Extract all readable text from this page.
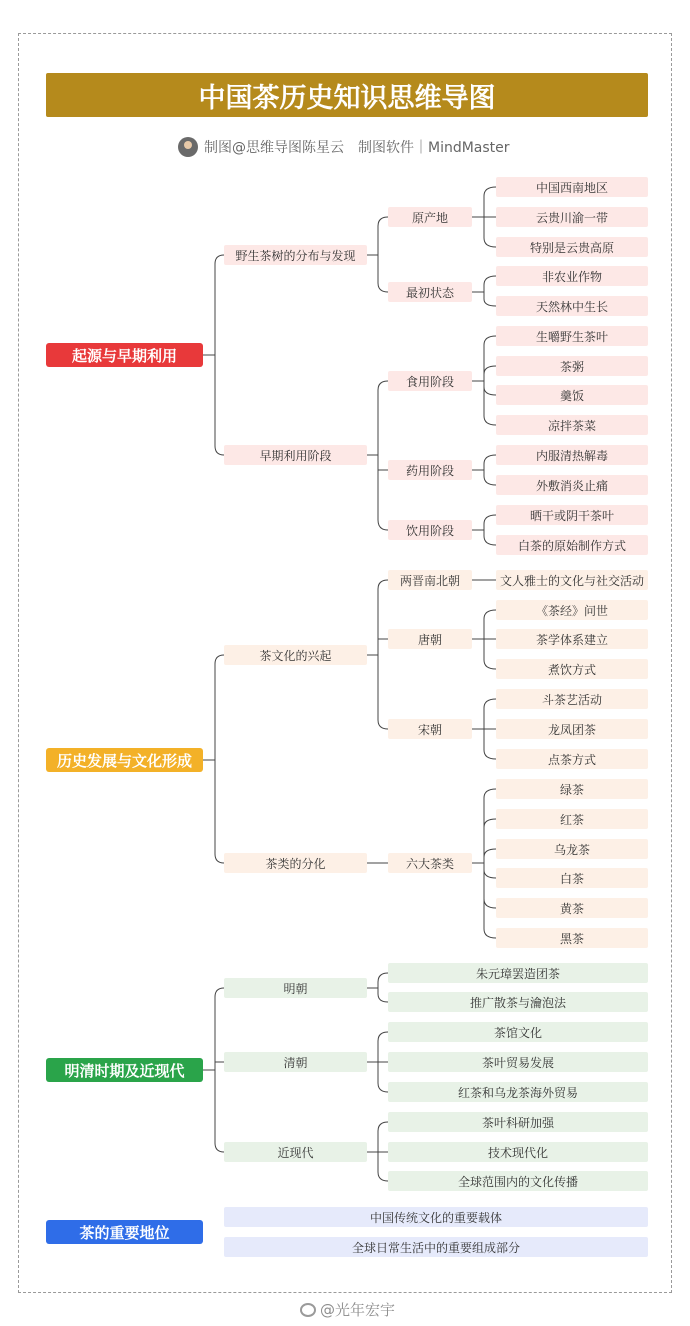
中国茶历史知识思维导图
制图@思维导图陈星云 制图软件｜MindMaster
起源与早期利用
野生茶树的分布与发现
早期利用阶段
原产地
最初状态
食用阶段
药用阶段
饮用阶段
中国西南地区
云贵川渝一带
特别是云贵高原
非农业作物
天然林中生长
生嚼野生茶叶
茶粥
羹饭
凉拌茶菜
内服清热解毒
外敷消炎止痛
晒干或阴干茶叶
白茶的原始制作方式
历史发展与文化形成
茶文化的兴起
茶类的分化
两晋南北朝
唐朝
宋朝
六大茶类
文人雅士的文化与社交活动
《茶经》问世
茶学体系建立
煮饮方式
斗茶艺活动
龙凤团茶
点茶方式
绿茶
红茶
乌龙茶
白茶
黄茶
黑茶
明清时期及近现代
明朝
清朝
近现代
朱元璋罢造团茶
推广散茶与瀹泡法
茶馆文化
茶叶贸易发展
红茶和乌龙茶海外贸易
茶叶科研加强
技术现代化
全球范围内的文化传播
茶的重要地位
中国传统文化的重要载体
全球日常生活中的重要组成部分
@光年宏宇
